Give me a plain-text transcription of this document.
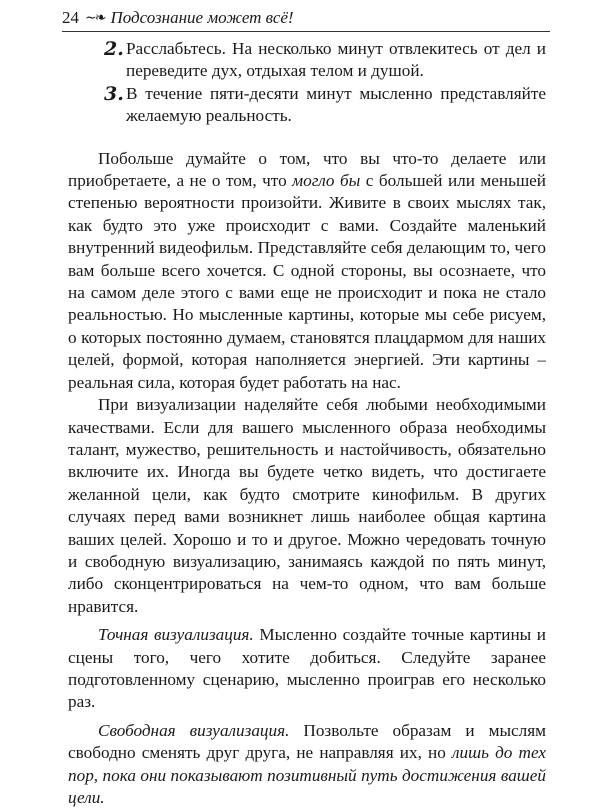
24 ∼❧ Подсознание может всё!
2. Расслабьтесь. На несколько минут отвлекитесь от дел и переведите дух, отдыхая телом и душой.
3. В течение пяти-десяти минут мысленно представляйте желаемую реальность.

Побольше думайте о том, что вы что-то делаете или приобретаете, а не о том, что могло бы с большей или меньшей степенью вероятности произойти. Живите в своих мыслях так, как будто это уже происходит с вами. Создайте маленький внутренний видеофильм. Представляйте себя делающим то, чего вам больше всего хочется. С одной стороны, вы осознаете, что на самом деле этого с вами еще не происходит и пока не стало реальностью. Но мысленные картины, которые мы себе рисуем, о которых постоянно думаем, становятся плацдармом для наших целей, формой, которая наполняется энергией. Эти картины – реальная сила, которая будет работать на нас.

При визуализации наделяйте себя любыми необходимыми качествами. Если для вашего мысленного образа необходимы талант, мужество, решительность и настойчивость, обязательно включите их. Иногда вы будете четко видеть, что достигаете желанной цели, как будто смотрите кинофильм. В других случаях перед вами возникнет лишь наиболее общая картина ваших целей. Хорошо и то и другое. Можно чередовать точную и свободную визуализацию, занимаясь каждой по пять минут, либо сконцентрироваться на чем-то одном, что вам больше нравится.

Точная визуализация. Мысленно создайте точные картины и сцены того, чего хотите добиться. Следуйте заранее подготовленному сценарию, мысленно проиграв его несколько раз.

Свободная визуализация. Позвольте образам и мыслям свободно сменять друг друга, не направляя их, но лишь до тех пор, пока они показывают позитивный путь достижения вашей цели.
